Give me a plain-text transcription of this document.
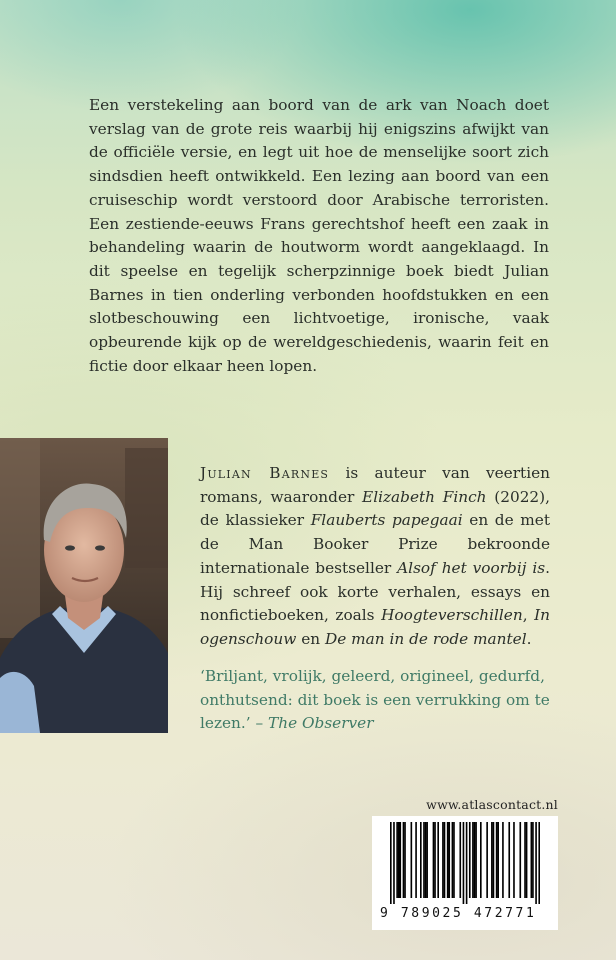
Een verstekeling aan boord van de ark van Noach doet verslag van de grote reis waarbij hij enigszins afwijkt van de officiële versie, en legt uit hoe de menselijke soort zich sindsdien heeft ontwikkeld. Een lezing aan boord van een cruiseschip wordt verstoord door Arabische terroristen. Een zestiende-eeuws Frans gerechtshof heeft een zaak in behandeling waarin de houtworm wordt aangeklaagd. In dit speelse en tegelijk scherpzinnige boek biedt Julian Barnes in tien onderling verbonden hoofdstukken en een slotbeschouwing een lichtvoetige, ironische, vaak opbeurende kijk op de wereldgeschiedenis, waarin feit en fictie door elkaar heen lopen.

Julian Barnes is auteur van veertien romans, waaronder Elizabeth Finch (2022), de klassieker Flauberts papegaai en de met de Man Booker Prize bekroonde internationale bestseller Alsof het voorbij is. Hij schreef ook korte verhalen, essays en nonfictieboeken, zoals Hoogteverschillen, In ogenschouw en De man in de rode mantel.

‘Briljant, vrolijk, geleerd, origineel, gedurfd, onthutsend: dit boek is een verrukking om te lezen.’ – The Observer

www.atlascontact.nl
9 789025 472771
